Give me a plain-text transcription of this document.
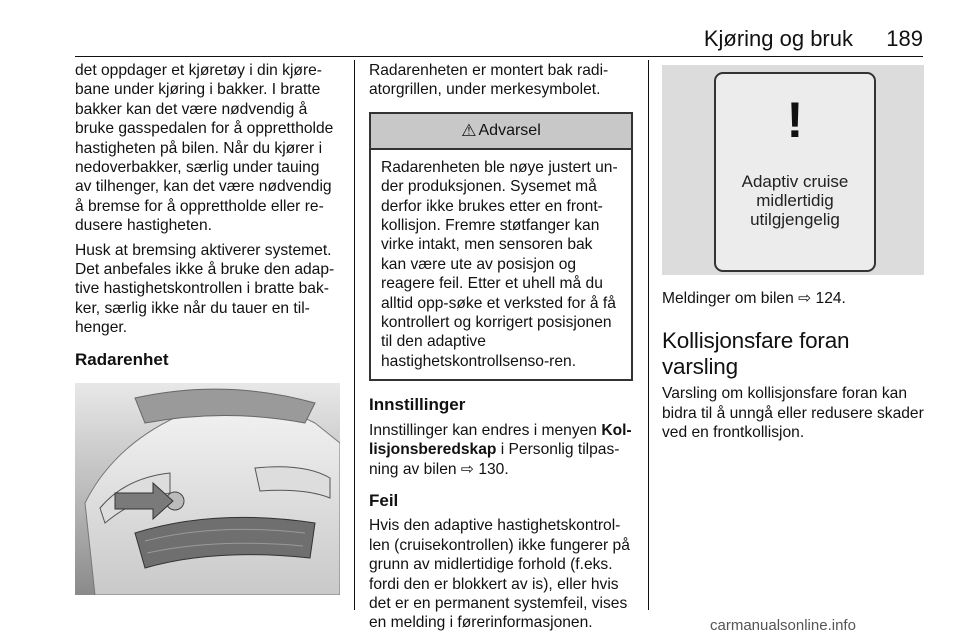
Kjøring og bruk 189

det oppdager et kjøretøy i din kjøre-bane under kjøring i bakker. I bratte bakker kan det være nødvendig å bruke gasspedalen for å opprettholde hastigheten på bilen. Når du kjører i nedoverbakker, særlig under tauing av tilhenger, kan det være nødvendig å bremse for å opprettholde eller re-dusere hastigheten.

Husk at bremsing aktiverer systemet. Det anbefales ikke å bruke den adap-tive hastighetskontrollen i bratte bak-ker, særlig ikke når du tauer en til-henger.

Radarenhet

Radarenheten er montert bak radi-atorgrillen, under merkesymbolet.

⚠ Advarsel
Radarenheten ble nøye justert un-der produksjonen. Sysemet må derfor ikke brukes etter en front-kollisjon. Fremre støtfanger kan virke intakt, men sensoren bak kan være ute av posisjon og reagere feil. Etter et uhell må du alltid opp-søke et verksted for å få kontrollert og korrigert posisjonen til den adaptive hastighetskontrollsenso-ren.
Innstillinger

Innstillinger kan endres i menyen Kol-lisjonsberedskap i Personlig tilpas-ning av bilen ⇨ 130.

Feil

Hvis den adaptive hastighetskontrol-len (cruisekontrollen) ikke fungerer på grunn av midlertidige forhold (f.eks. fordi den er blokkert av is), eller hvis det er en permanent systemfeil, vises en melding i førerinformasjonen.

!
Adaptiv cruise
midlertidig
utilgjengelig

Meldinger om bilen ⇨ 124.

Kollisjonsfare foran varsling

Varsling om kollisjonsfare foran kan bidra til å unngå eller redusere skader ved en frontkollisjon.

carmanualsonline.info
